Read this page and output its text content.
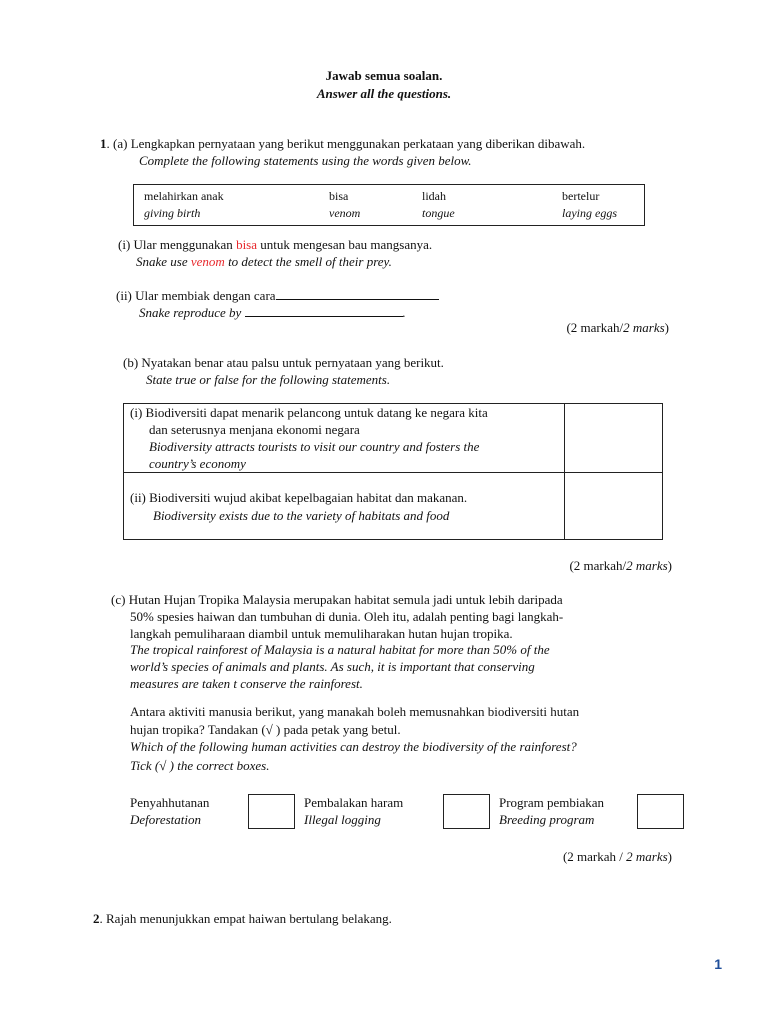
Jawab semua soalan.
Answer all the questions.
1. (a) Lengkapkan pernyataan yang berikut menggunakan perkataan yang diberikan dibawah.
Complete the following statements using the words given below.
melahirkan anak
giving birth
bisa
venom
lidah
tongue
bertelur
laying eggs
(i) Ular menggunakan bisa untuk mengesan bau mangsanya.
Snake use venom to detect the smell of their prey.
(ii) Ular membiak dengan cara
Snake reproduce by	.
(2 markah/2 marks)
(b) Nyatakan benar atau palsu untuk pernyataan yang berikut.
State true or false for the following statements.

(i) Biodiversiti dapat menarik pelancong untuk datang ke negara kita
dan seterusnya menjana ekonomi negara
Biodiversity attracts tourists to visit our country and fosters the
country’s economy
(ii) Biodiversiti wujud akibat kepelbagaian habitat dan makanan.
Biodiversity exists due to the variety of habitats and food
(2 markah/2 marks)
(c) Hutan Hujan Tropika Malaysia merupakan habitat semula jadi untuk lebih daripada
50% spesies haiwan dan tumbuhan di dunia. Oleh itu, adalah penting bagi langkah-
langkah pemuliharaan diambil untuk memuliharakan hutan hujan tropika.
The tropical rainforest of Malaysia is a natural habitat for more than 50% of the
world’s species of animals and plants. As such, it is important that conserving
measures are taken t conserve the rainforest.
Antara aktiviti manusia berikut, yang manakah boleh memusnahkan biodiversiti hutan
hujan tropika? Tandakan (√ ) pada petak yang betul.
Which of the following human activities can destroy the biodiversity of the rainforest?
Tick (√ ) the correct boxes.
Penyahhutanan
Deforestation
Pembalakan haram
Illegal logging
Program pembiakan
Breeding program
(2 markah / 2 marks)
2. Rajah menunjukkan empat haiwan bertulang belakang.
1
